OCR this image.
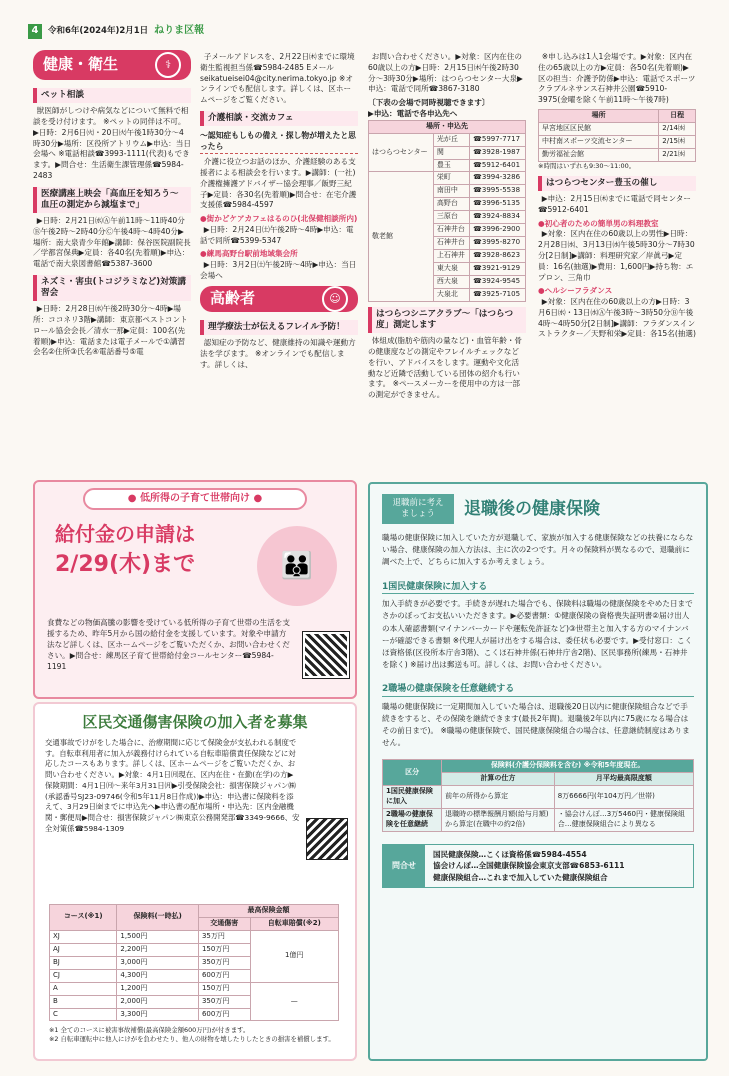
4	令和6年(2024年)2月1日 ねりま区報
健康・衛生	⚕
ペット相談

獣医師がしつけや病気などについて無料で相談を受け付けます。 ※ペットの同伴は不可。▶日時：2月6日㈫・20日㈫午後1時30分～4時30分▶場所：区役所アトリウム▶申込：当日会場へ ※電話相談☎3993-1111(代表)もできます。▶問合せ：生活衛生課管理係☎5984-2483

医療講座上映会「高血圧を知ろう～血圧の測定から減塩まで」

▶日時：2月21日㈬Ⓐ午前11時～11時40分Ⓑ午後2時～2時40分Ⓒ午後4時～4時40分▶場所：南大泉青少年館▶講師：保谷医院副院長／学都宮保典▶定員：各40名(先着順)▶申込：電話で南大泉図書館☎5387-3600

ネズミ・害虫(トコジラミなど)対策講習会

▶日時：2月28日㈬午後2時30分～4時▶場所：ココネリ3階▶講師：東京都ペストコントロール協会会長／清水一那▶定員：100名(先着順)▶申込：電話または電子メールで①講習会名②住所③氏名④電話番号⑤電

子メールアドレスを、2月22日㈭までに環境衛生監視担当係☎5984-2485 Eメール seikatueisei04@city.nerima.tokyo.jp ※オンラインでも配信します。詳しくは、区ホームページをご覧ください。

介護相談・交流カフェ
～認知症もしもの備え・探し物が増えたと思ったら

介護に役立つお話のほか、介護経験のある支援者による相談会を行います。▶講師：(一社)介護権擁護アドバイザー協会理事／飯野三紀子▶定員：各30名(先着順)▶問合せ：在宅介護支援係☎5984-4597

●街かどケアカフェはるのひ(北保健相談所内)

▶日時：2月24日㈯午後2時～4時▶申込：電話で同所☎5399-5347

●練馬高野台駅前地域集会所

▶日時：3月2日㈯午後2時～4時▶申込：当日会場へ

高齢者	☺
理学療法士が伝えるフレイル予防！

認知症の予防など、健康維持の知識や運動方法を学びます。 ※オンラインでも配信します。詳しくは、

お問い合わせください。▶対象：区内在住の60歳以上の方▶日時：2月15日㈭午後2時30分～3時30分▶場所：はつらつセンター大泉▶申込：電話で同所☎3867-3180

〔下表の会場で同時視聴できます〕
▶申込：電話で各申込先へ
場所・申込先		
はつらつセンター	光が丘	☎5997-7717
	関	☎3928-1987
	豊玉	☎5912-6401
敬老館	栄町	☎3994-3286
	南田中	☎3995-5538
	高野台	☎3996-5135
	三原台	☎3924-8834
	石神井台	☎3996-2900
	石神井台	☎3995-8270
	上石神井	☎3928-8623
	東大泉	☎3921-9129
	西大泉	☎3924-9545
	大泉北	☎3925-7105
はつらつシニアクラブ～「はつらつ度」測定します

体組成(脂肪や筋肉の量など)・血管年齢・骨の健康度などの測定やフレイルチェックなどを行い、アドバイスをします。運動や文化活動など近隣で活動している団体の紹介も行います。 ※ペースメーカーを使用中の方は一部の測定ができません。

※申し込みは1人1会場です。▶対象：区内在住の65歳以上の方▶定員：各50名(先着順)▶区の担当：介護予防係▶申込：電話でスポーツクラブルネサンス石神井公園☎5910-3975(金曜を除く午前11時～午後7時)

場所	日程
早宮地区区民館	2/14㈬
中村南スポーツ交流センター	2/15㈭
勤労福祉会館	2/21㈬
※時間はいずれも9:30～11:00。
はつらつセンター豊玉の催し

▶申込：2月15日㈭までに電話で同センター☎5912-6401

●初心者のための簡単男の料理教室

▶対象：区内在住の60歳以上の男性▶日時：2月28日㈬、3月13日㈬午後5時30分～7時30分[2日制]▶講師：料理研究家／岸眞弓▶定員：16名(抽選)▶費用：1,600円▶持ち物：エプロン、三角巾

●ヘルシーフラダンス

▶対象：区内在住の60歳以上の方▶日時：3月6日㈬・13日㈬Ⓐ午後3時～3時50分Ⓑ午後4時～4時50分[2日制]▶講師：フラダンスインストラクター／天野和栄▶定員：各15名(抽選)

● 低所得の子育て世帯向け ●
給付金の申請は
2/29(木)まで	👪
食費などの物価高騰の影響を受けている低所得の子育て世帯の生活を支援するため、昨年5月から国の給付金を支援しています。対象や申請方法など詳しくは、区ホームページをご覧いただくか、お問い合わせください。▶問合せ：練馬区子育て世帯給付金コールセンター☎5984-1191
区民交通傷害保険の加入者を募集
交通事故でけがをした場合に、治療期間に応じて保険金が支払われる制度です。自転車利用者に加入が義務付けられている自転車賠償責任保険などに対応したコースもあります。詳しくは、区ホームページをご覧いただくか、お問い合わせください。▶対象：4月1日㈪現在、区内在住・在勤(在学)の方▶保険期間：4月1日㈪～来年3月31日㈪▶引受保険会社：損害保険ジャパン㈱(承認番号SJ23-09746(令和5年11月8日作成))▶申込：申込書に保険料を添えて、3月29日㈮までに申込先へ▶申込書の配布場所・申込先：区内金融機関・郵便局▶問合せ：損害保険ジャパン㈱東京公務開発部☎3349-9666、安全対策係☎5984-1309
コース(※1)	保険料(一時払)	最高保険金額	
		交通傷害	自転車賠償(※2)
XJ	1,500円	35万円	1億円
AJ	2,200円	150万円	
BJ	3,000円	350万円	
CJ	4,300円	600万円	
A	1,200円	150万円	—
B	2,000円	350万円	
C	3,300円	600万円	
※1 全てのコースに被害事故補償(最高保険金額600万円)が付きます。
※2 自転車運転中に他人にけがを負わせたり、他人の財物を壊したりしたときの損害を補償します。
退職前に考えましょう	退職後の健康保険
職場の健康保険に加入していた方が退職して、家族が加入する健康保険などの扶養にならない場合、健康保険の加入方法は、主に次の2つです。月々の保険料が異なるので、退職前に調べた上で、どちらに加入するか考えましょう。
1国民健康保険に加入する
加入手続きが必要です。手続きが遅れた場合でも、保険料は職場の健康保険をやめた日までさかのぼってお支払いいただきます。▶必要書類：①健康保険の資格喪失証明書②届け出人の本人確認書類(マイナンバーカードや運転免許証など)③世帯主と加入する方のマイナンバーが確認できる書類 ※代理人が届け出をする場合は、委任状も必要です。▶受付窓口：こくほ資格係(区役所本庁舎3階)、こくほ石神井係(石神井庁舎2階)、区民事務所(練馬・石神井を除く) ※届け出は郵送も可。詳しくは、お問い合わせください。
2職場の健康保険を任意継続する
職場の健康保険に一定期間加入していた場合は、退職後20日以内に健康保険組合などで手続きをすると、その保険を継続できます(最長2年間)。退職後2年以内に75歳になる場合はその前日まで)。 ※職場の健康保険で、国民健康保険組合の場合は、任意継続制度はありません。
区分	保険料(介護分保険料を含む) ※令和5年度現在。	
	計算の仕方	月平均最高限度額
1国民健康保険に加入	前年の所得から算定	8万6666円(年104万円／世帯)
2職場の健康保険を任意継続	退職時の標準報酬月額(給与月額)から算定(在職中の約2倍)	・協会けんぽ…3万5460円・健康保険組合…健康保険組合により異なる
問合せ
国民健康保険…こくほ資格係☎5984-4554
協会けんぽ…全国健康保険協会東京支部☎6853-6111
健康保険組合…これまで加入していた健康保険組合
